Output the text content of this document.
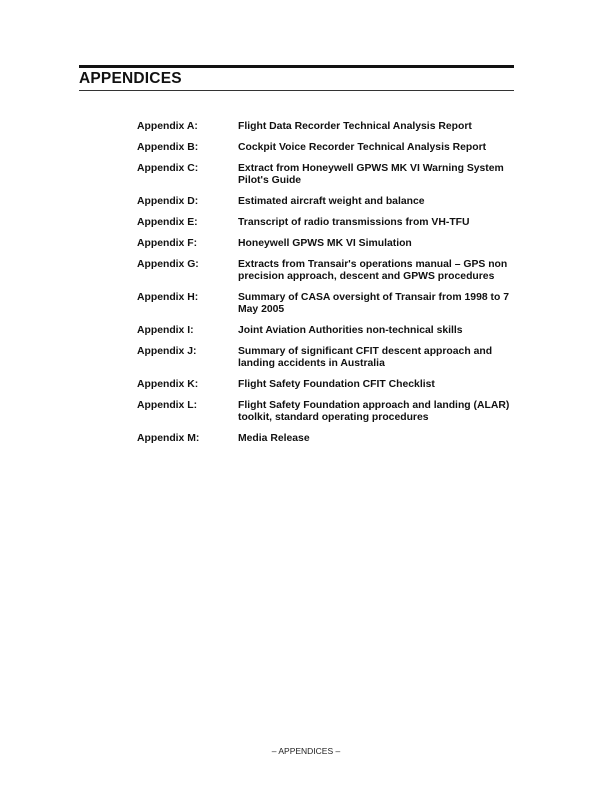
APPENDICES
Appendix A:	Flight Data Recorder Technical Analysis Report
Appendix B:	Cockpit Voice Recorder Technical Analysis Report
Appendix C:	Extract from Honeywell GPWS MK VI Warning System Pilot's Guide
Appendix D:	Estimated aircraft weight and balance
Appendix E:	Transcript of radio transmissions from VH-TFU
Appendix F:	Honeywell GPWS MK VI Simulation
Appendix G:	Extracts from Transair's operations manual – GPS non precision approach, descent and GPWS procedures
Appendix H:	Summary of CASA oversight of Transair from 1998 to 7 May 2005
Appendix I:	Joint Aviation Authorities non-technical skills
Appendix J:	Summary of significant CFIT descent approach and landing accidents in Australia
Appendix K:	Flight Safety Foundation CFIT Checklist
Appendix L:	Flight Safety Foundation approach and landing (ALAR) toolkit, standard operating procedures
Appendix M:	Media Release
– APPENDICES –
